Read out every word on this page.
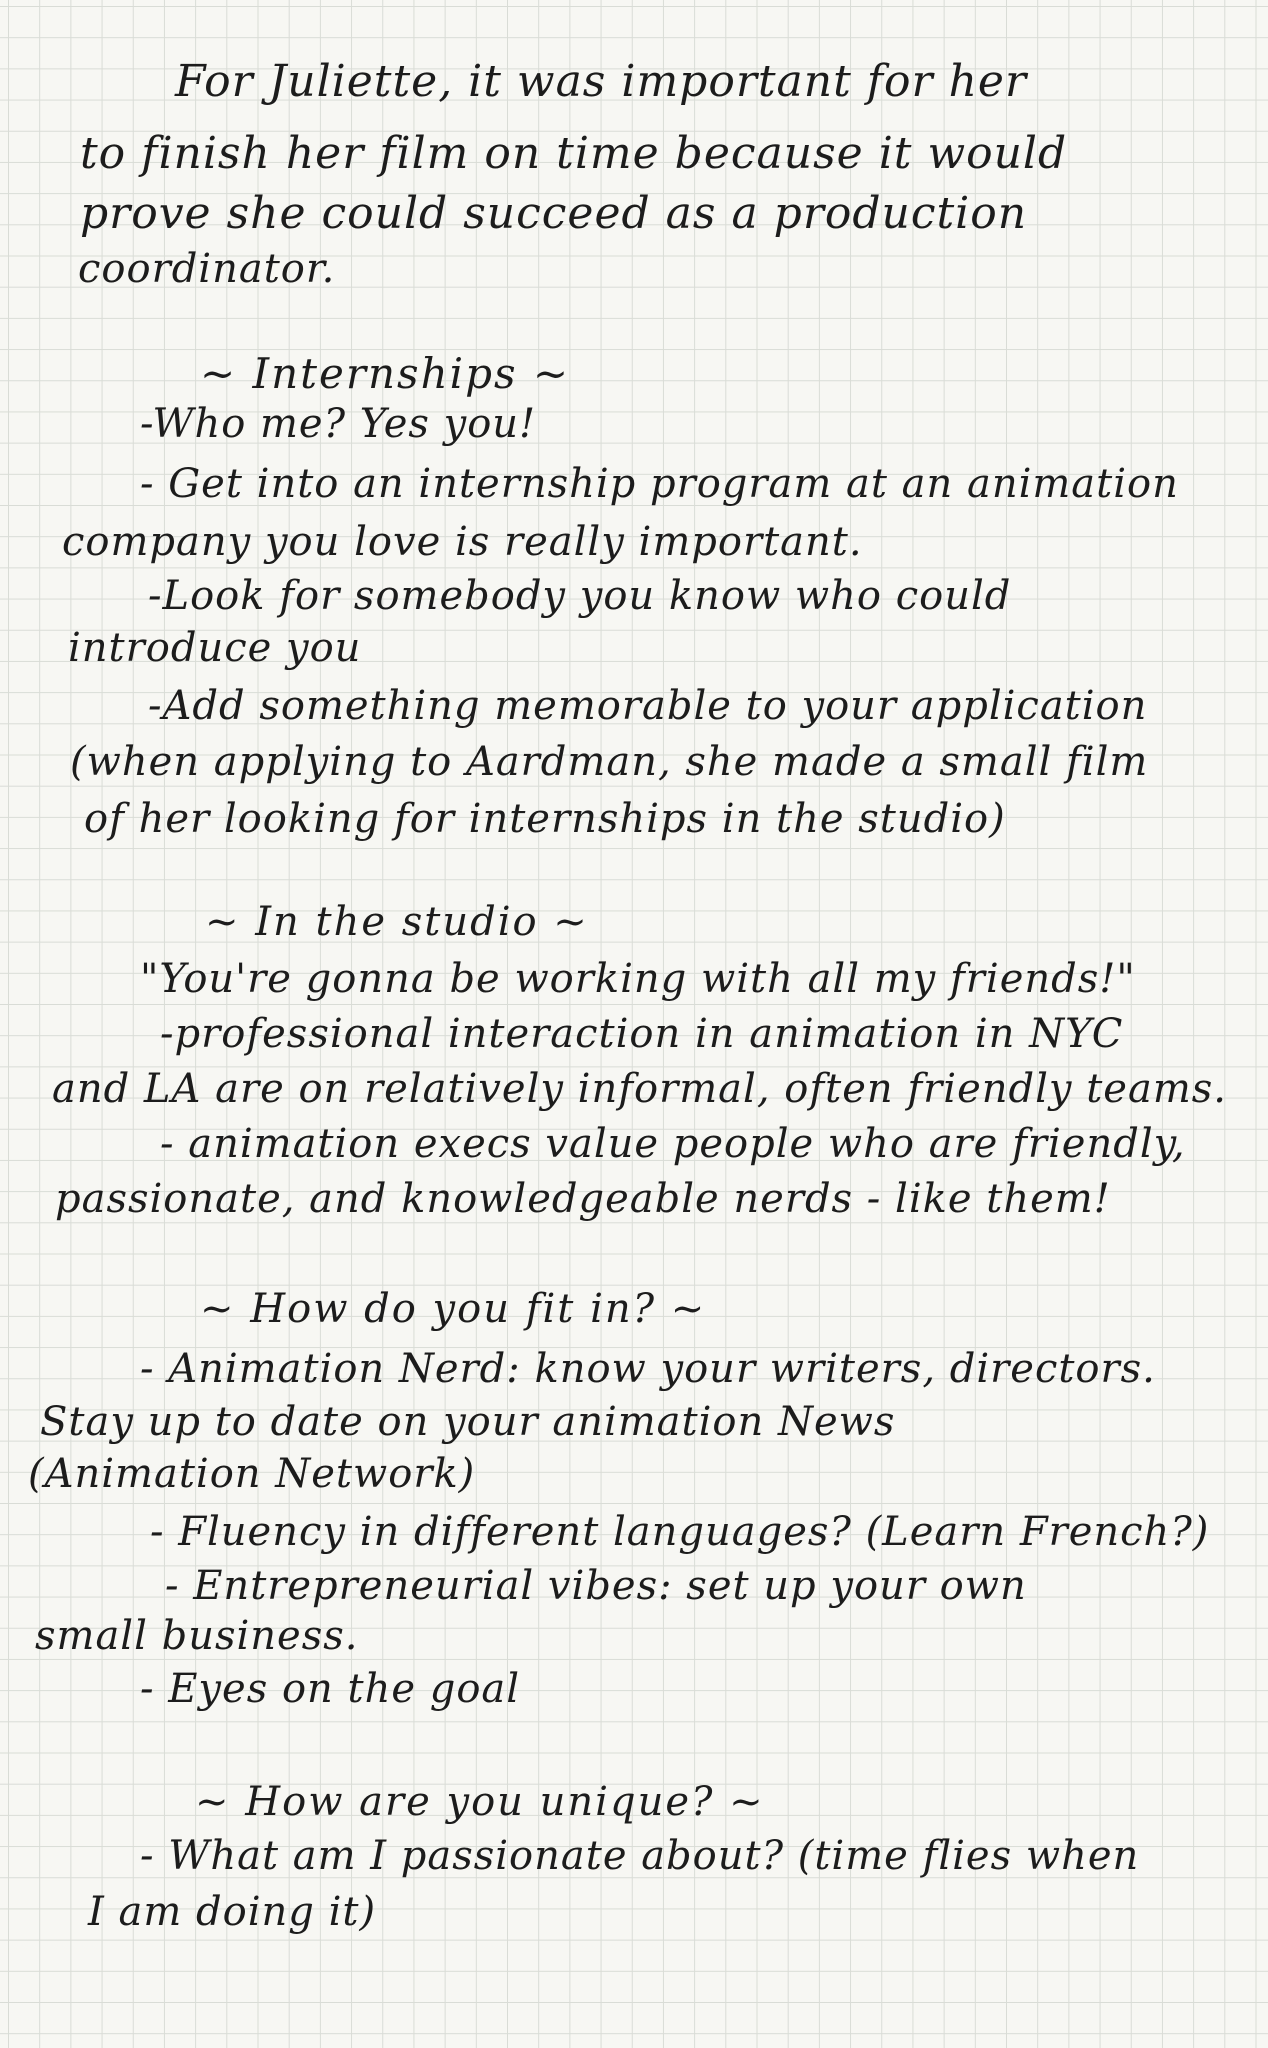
For Juliette, it was important for her
to finish her film on time because it would
prove she could succeed as a production
coordinator.
~ Internships ~
-Who me? Yes you!
- Get into an internship program at an animation
company you love is really important.
-Look for somebody you know who could
introduce you
-Add something memorable to your application
(when applying to Aardman, she made a small film
of her looking for internships in the studio)
~ In the studio ~
"You're gonna be working with all my friends!"
-professional interaction in animation in NYC
and LA are on relatively informal, often friendly teams.
- animation execs value people who are friendly,
passionate, and knowledgeable nerds - like them!
~ How do you fit in? ~
- Animation Nerd: know your writers, directors.
Stay up to date on your animation News
(Animation Network)
- Fluency in different languages? (Learn French?)
- Entrepreneurial vibes: set up your own
small business.
- Eyes on the goal
~ How are you unique? ~
- What am I passionate about? (time flies when
I am doing it)
